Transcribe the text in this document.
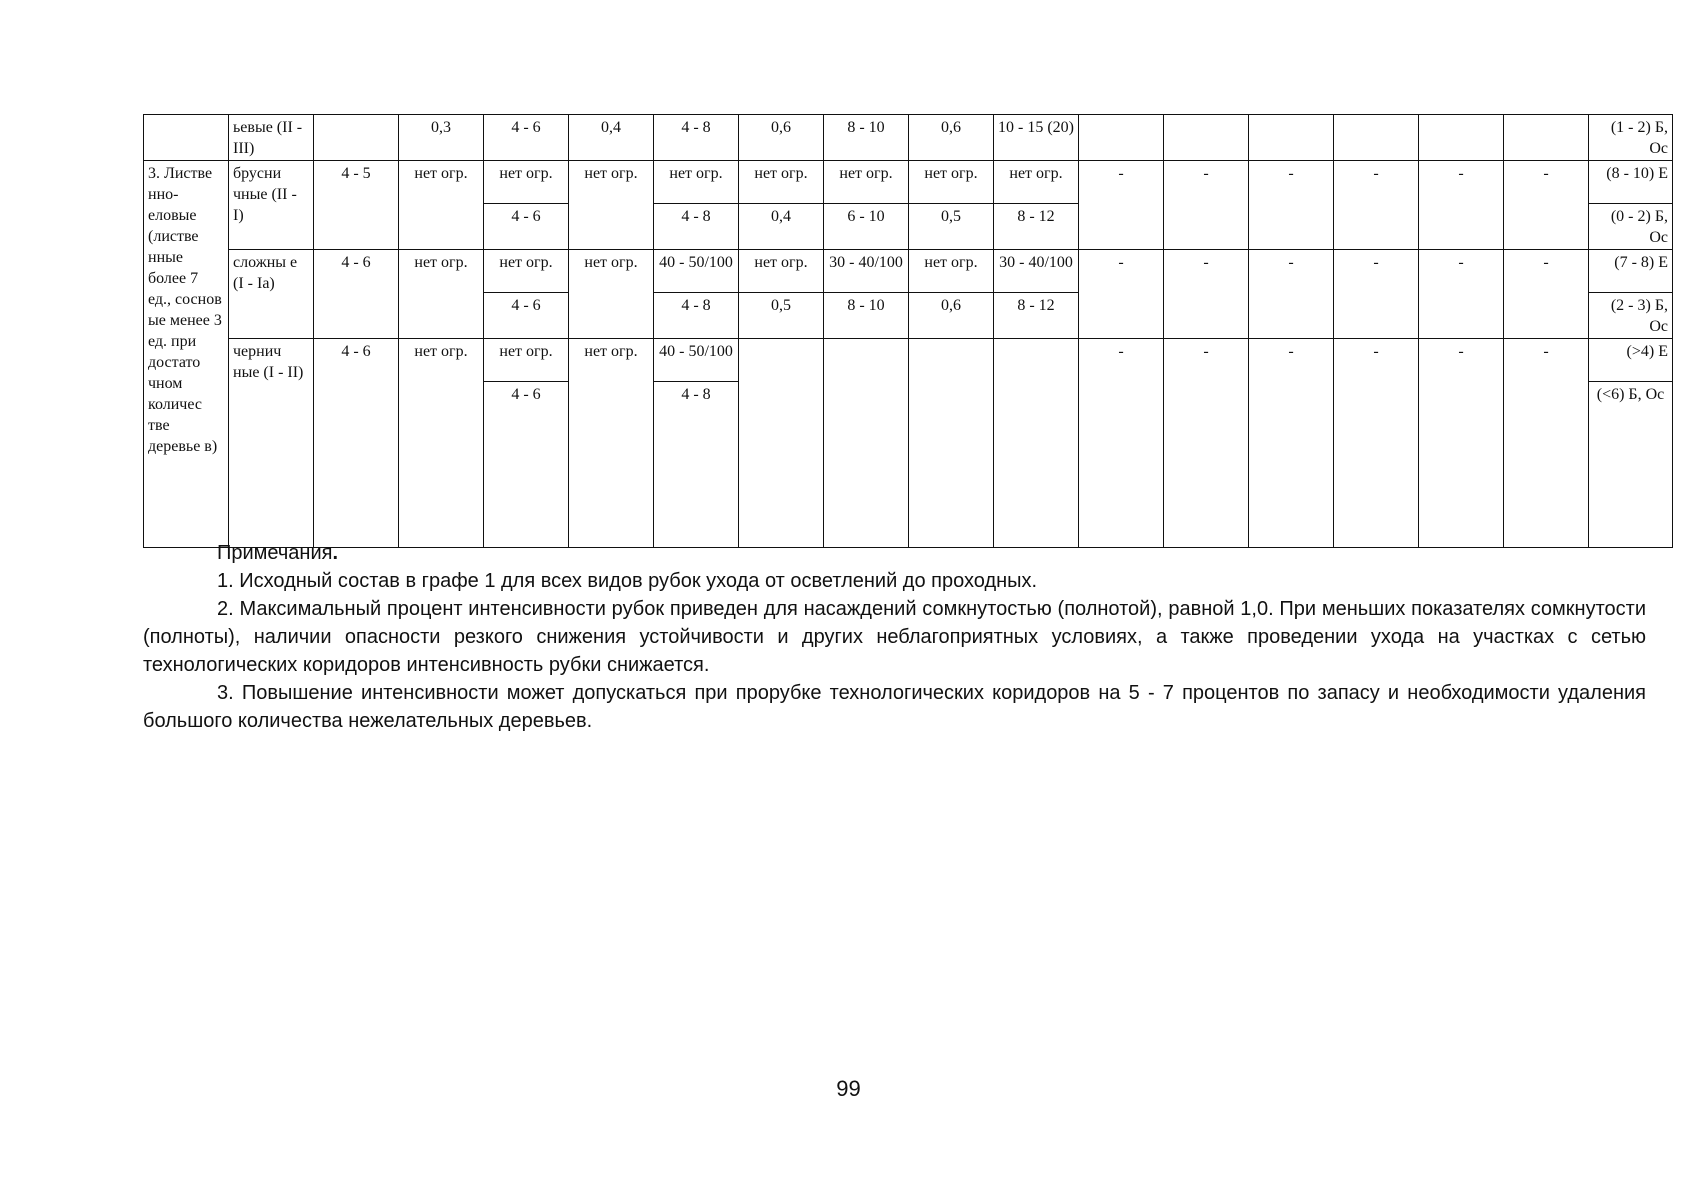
	ьевые (II - III)		0,3	4 - 6	0,4	4 - 8	0,6	8 - 10	0,6	10 - 15 (20)							(1 - 2) Б, Ос
3. Листве нно-еловые (листве нные более 7 ед., соснов ые менее 3 ед. при достато чном количес тве деревье в)	брусни чные (II - I)	4 - 5	нет огр.	нет огр.	нет огр.	нет огр.	нет огр.	нет огр.	нет огр.	нет огр.	-	-	-	-	-	-	(8 - 10) Е
				4 - 6		4 - 8	0,4	6 - 10	0,5	8 - 12							(0 - 2) Б, Ос
	сложны е (I - Ia)	4 - 6	нет огр.	нет огр.	нет огр.	40 - 50/100	нет огр.	30 - 40/100	нет огр.	30 - 40/100	-	-	-	-	-	-	(7 - 8) Е
				4 - 6		4 - 8	0,5	8 - 10	0,6	8 - 12							(2 - 3) Б, Ос
	чернич ные (I - II)	4 - 6	нет огр.	нет огр.	нет огр.	40 - 50/100					-	-	-	-	-	-	(>4) Е
				4 - 6		4 - 8											(<6) Б, Ос
Примечания.

1. Исходный состав в графе 1 для всех видов рубок ухода от осветлений до проходных.

2. Максимальный процент интенсивности рубок приведен для насаждений сомкнутостью (полнотой), равной 1,0. При меньших показателях сомкнутости (полноты), наличии опасности резкого снижения устойчивости и других неблагоприятных условиях, а также проведении ухода на участках с сетью технологических коридоров интенсивность рубки снижается.

3. Повышение интенсивности может допускаться при прорубке технологических коридоров на 5 - 7 процентов по запасу и необходимости удаления большого количества нежелательных деревьев.

99
